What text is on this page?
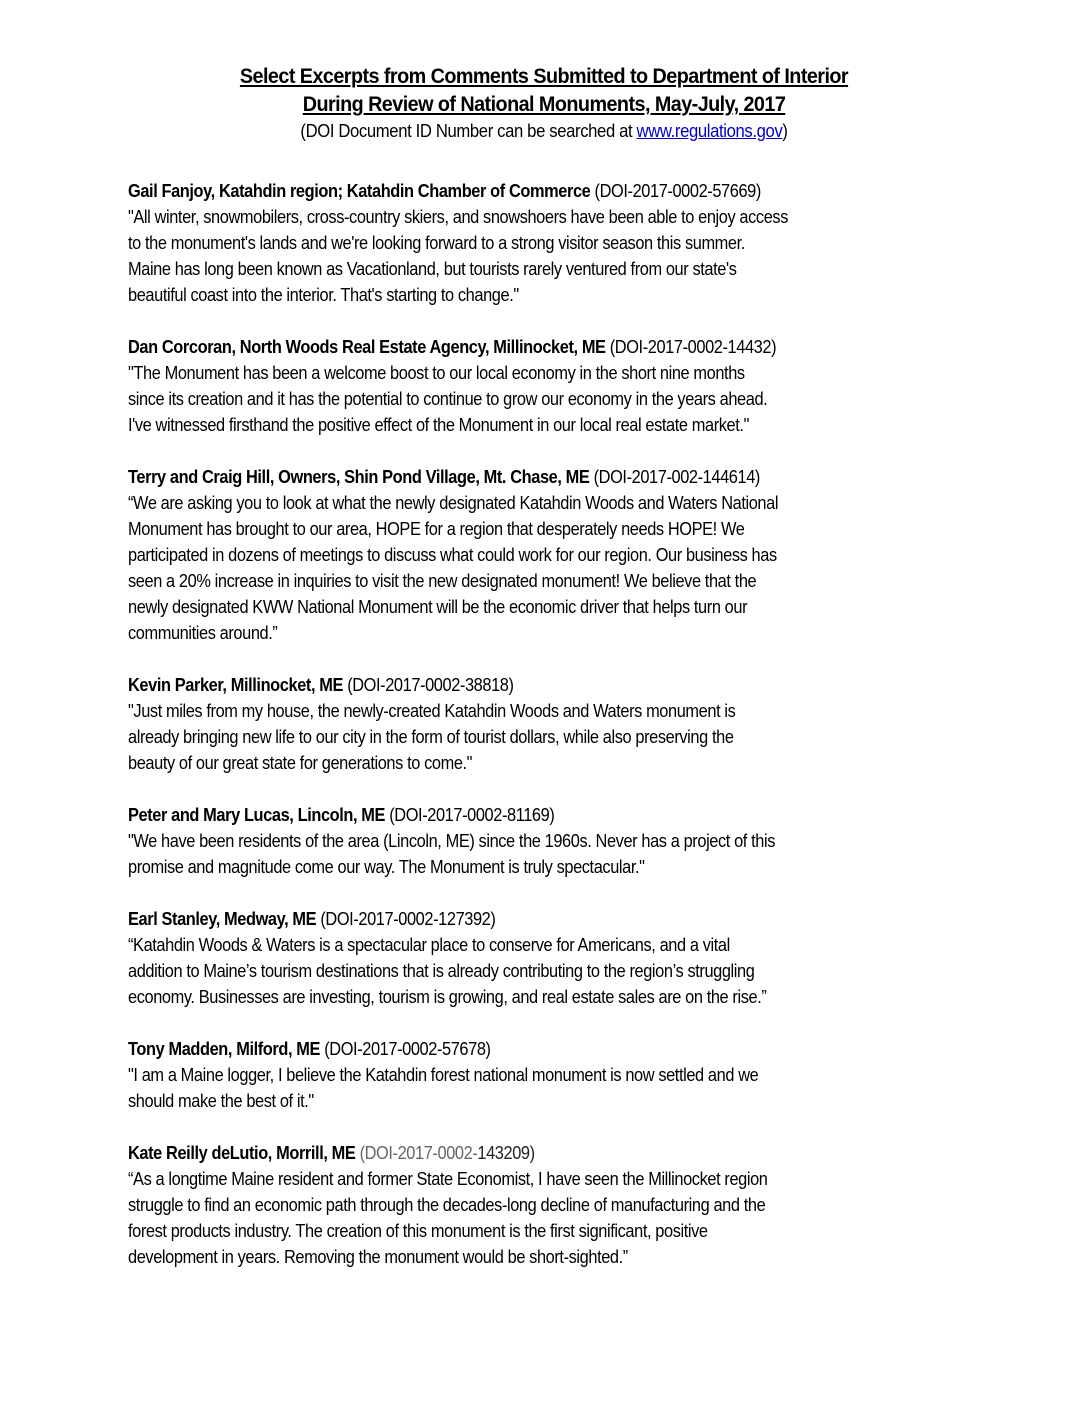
Select Excerpts from Comments Submitted to Department of Interior
During Review of National Monuments, May-July, 2017
(DOI Document ID Number can be searched at www.regulations.gov)
Gail Fanjoy, Katahdin region; Katahdin Chamber of Commerce (DOI-2017-0002-57669)

"All winter, snowmobilers, cross-country skiers, and snowshoers have been able to enjoy access

to the monument's lands and we're looking forward to a strong visitor season this summer.

Maine has long been known as Vacationland, but tourists rarely ventured from our state's

beautiful coast into the interior. That's starting to change."

Dan Corcoran, North Woods Real Estate Agency, Millinocket, ME (DOI-2017-0002-14432)

"The Monument has been a welcome boost to our local economy in the short nine months

since its creation and it has the potential to continue to grow our economy in the years ahead.

I've witnessed firsthand the positive effect of the Monument in our local real estate market."

Terry and Craig Hill, Owners, Shin Pond Village, Mt. Chase, ME (DOI-2017-002-144614)

“We are asking you to look at what the newly designated Katahdin Woods and Waters National

Monument has brought to our area, HOPE for a region that desperately needs HOPE! We

participated in dozens of meetings to discuss what could work for our region. Our business has

seen a 20% increase in inquiries to visit the new designated monument! We believe that the

newly designated KWW National Monument will be the economic driver that helps turn our

communities around.”

Kevin Parker, Millinocket, ME (DOI-2017-0002-38818)

"Just miles from my house, the newly-created Katahdin Woods and Waters monument is

already bringing new life to our city in the form of tourist dollars, while also preserving the

beauty of our great state for generations to come."

Peter and Mary Lucas, Lincoln, ME (DOI-2017-0002-81169)

"We have been residents of the area (Lincoln, ME) since the 1960s. Never has a project of this

promise and magnitude come our way. The Monument is truly spectacular."

Earl Stanley, Medway, ME (DOI-2017-0002-127392)

“Katahdin Woods & Waters is a spectacular place to conserve for Americans, and a vital

addition to Maine’s tourism destinations that is already contributing to the region’s struggling

economy. Businesses are investing, tourism is growing, and real estate sales are on the rise.”

Tony Madden, Milford, ME (DOI-2017-0002-57678)

"I am a Maine logger, I believe the Katahdin forest national monument is now settled and we

should make the best of it."

Kate Reilly deLutio, Morrill, ME (DOI-2017-0002-143209)

“As a longtime Maine resident and former State Economist, I have seen the Millinocket region

struggle to find an economic path through the decades-long decline of manufacturing and the

forest products industry. The creation of this monument is the first significant, positive

development in years. Removing the monument would be short-sighted.”
